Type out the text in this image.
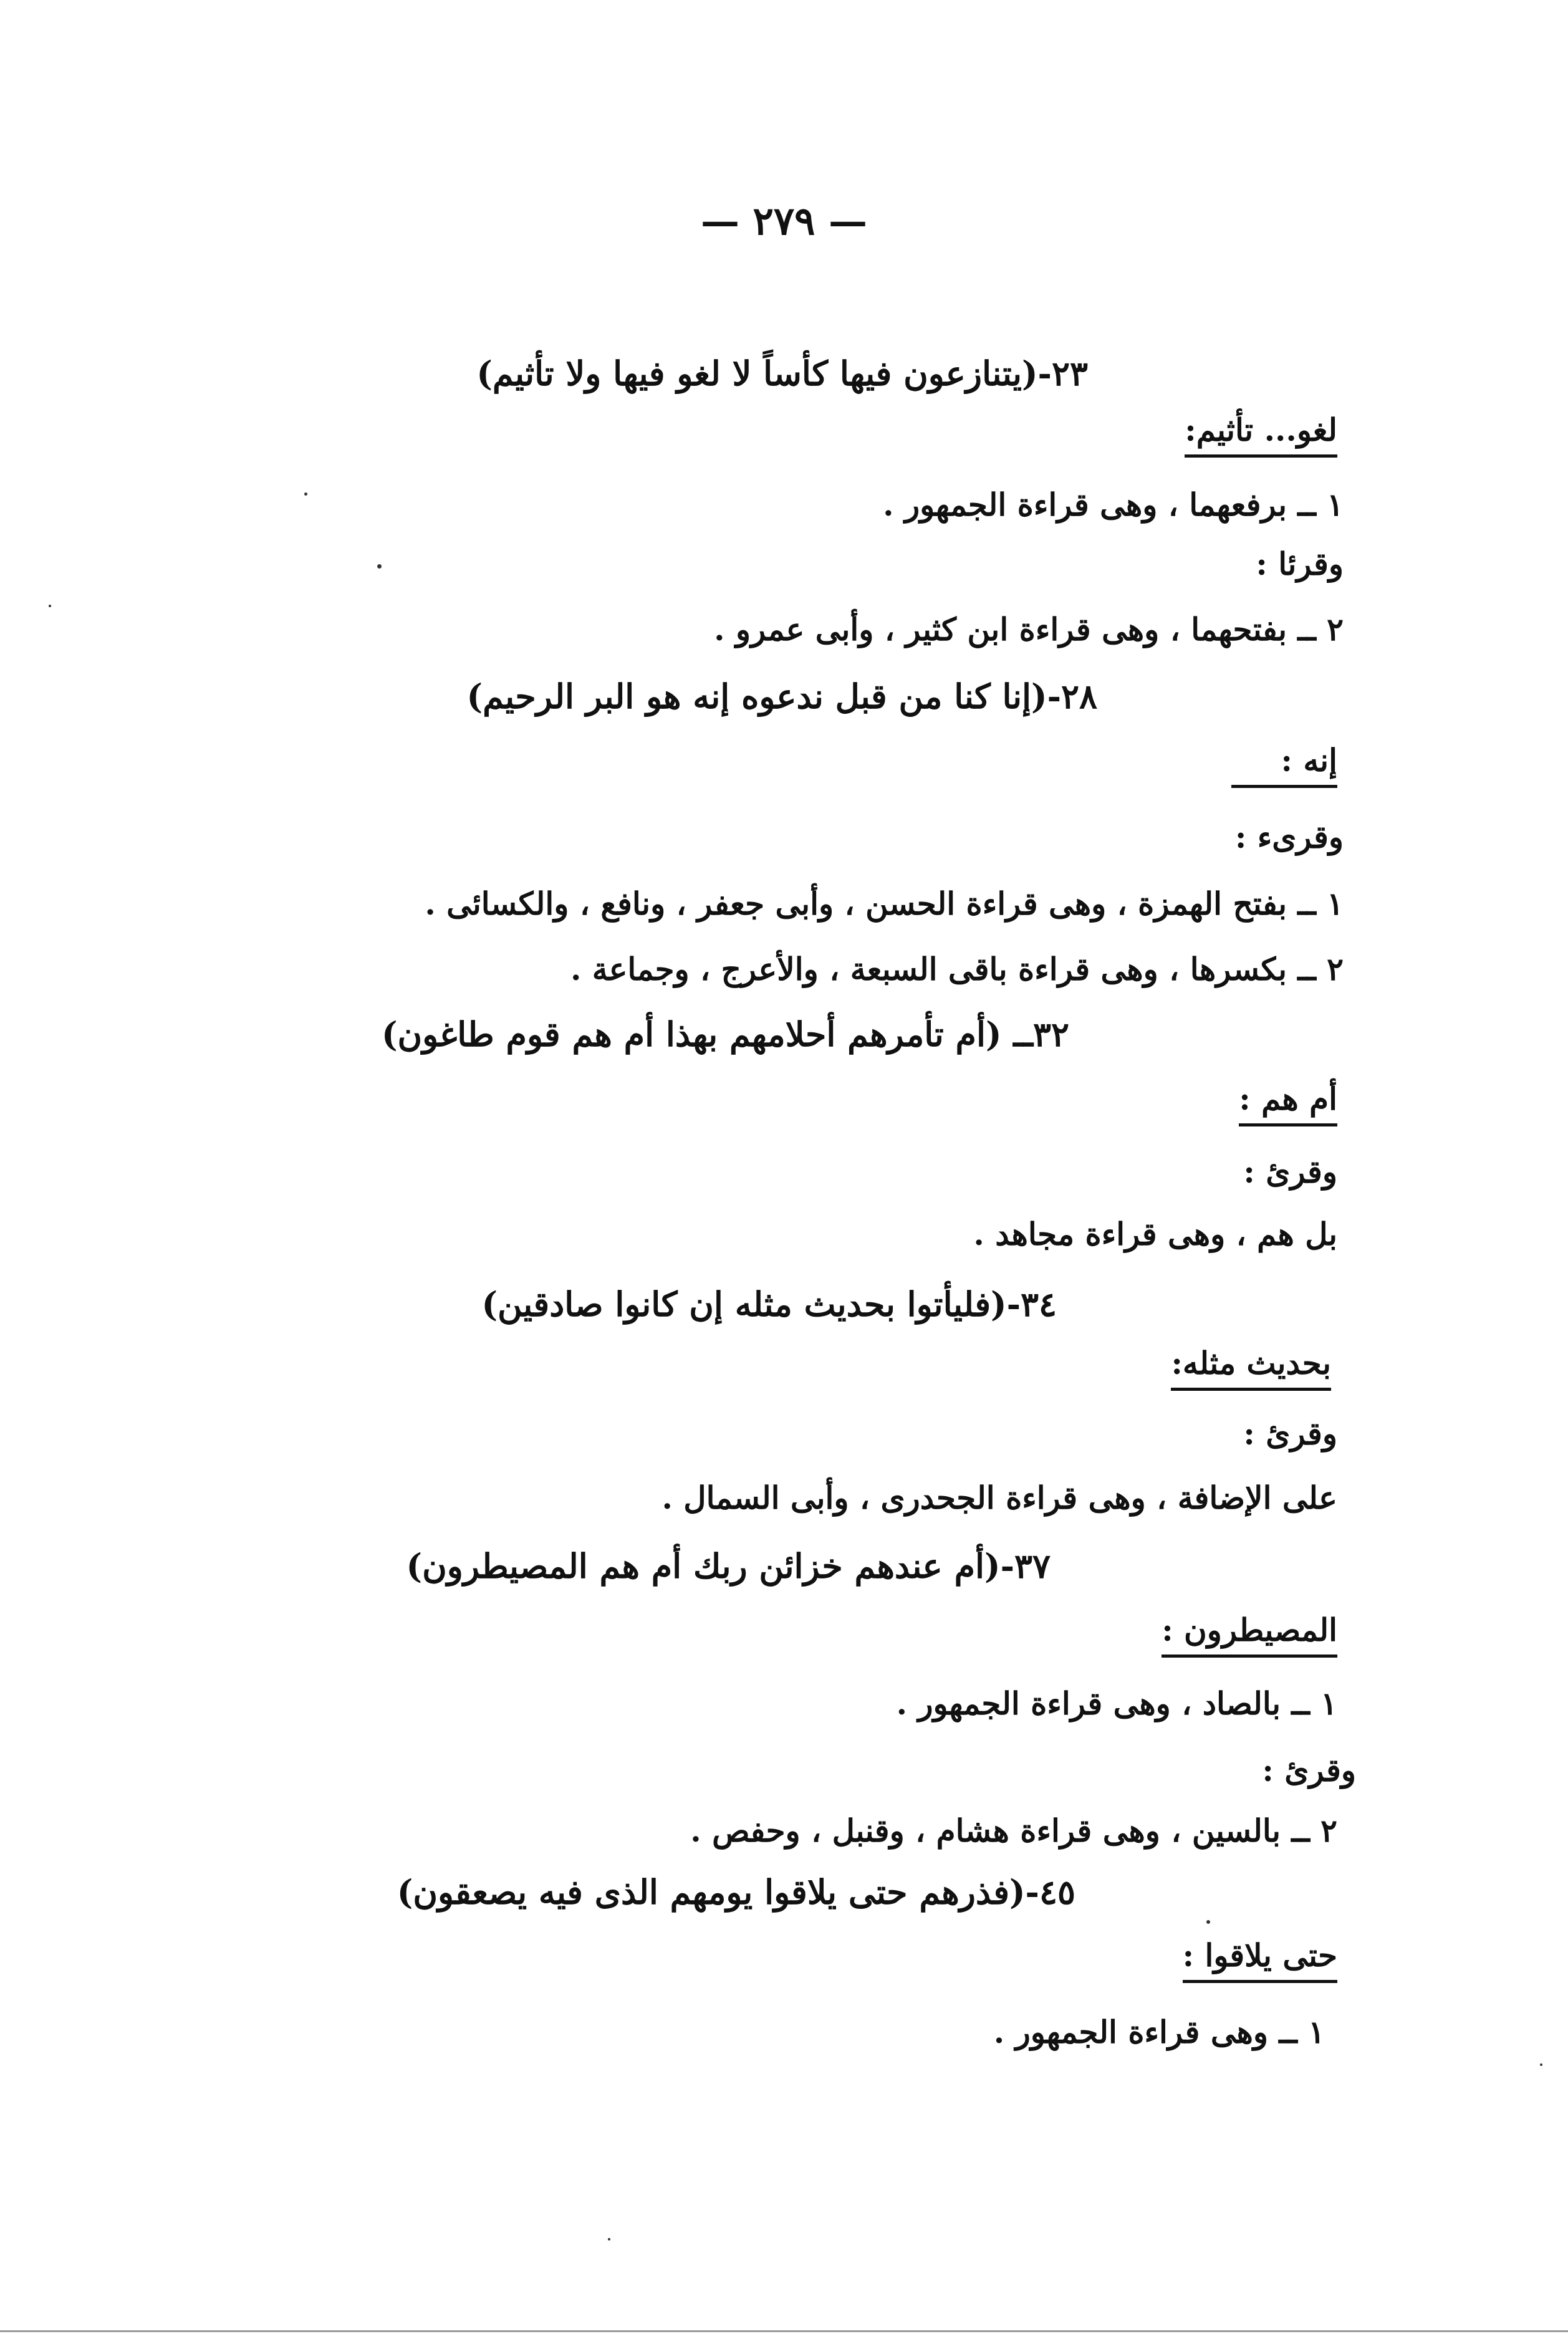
— ٢٧٩ —
٢٣-(يتنازعون فيها كأساً لا لغو فيها ولا تأثيم)
لغو... تأثيم:
١ ــ برفعهما ، وهى قراءة الجمهور .
وقرئا :
٢ ــ بفتحهما ، وهى قراءة ابن كثير ، وأبى عمرو .
٢٨-(إنا كنا من قبل ندعوه إنه هو البر الرحيم)
إنه :
وقرىء :
١ ــ بفتح الهمزة ، وهى قراءة الحسن ، وأبى جعفر ، ونافع ، والكسائى .
٢ ــ بكسرها ، وهى قراءة باقى السبعة ، والأعرج ، وجماعة .
٣٢ــ (أم تأمرهم أحلامهم بهذا أم هم قوم طاغون)
أم هم :
وقرئ :
بل هم ، وهى قراءة مجاهد .
٣٤-(فليأتوا بحديث مثله إن كانوا صادقين)
بحديث مثله:
وقرئ :
على الإضافة ، وهى قراءة الجحدرى ، وأبى السمال .
٣٧-(أم عندهم خزائن ربك أم هم المصيطرون)
المصيطرون :
١ ــ بالصاد ، وهى قراءة الجمهور .
وقرئ :
٢ ــ بالسين ، وهى قراءة هشام ، وقنبل ، وحفص .
٤٥-(فذرهم حتى يلاقوا يومهم الذى فيه يصعقون)
حتى يلاقوا :
١ ــ وهى قراءة الجمهور .
